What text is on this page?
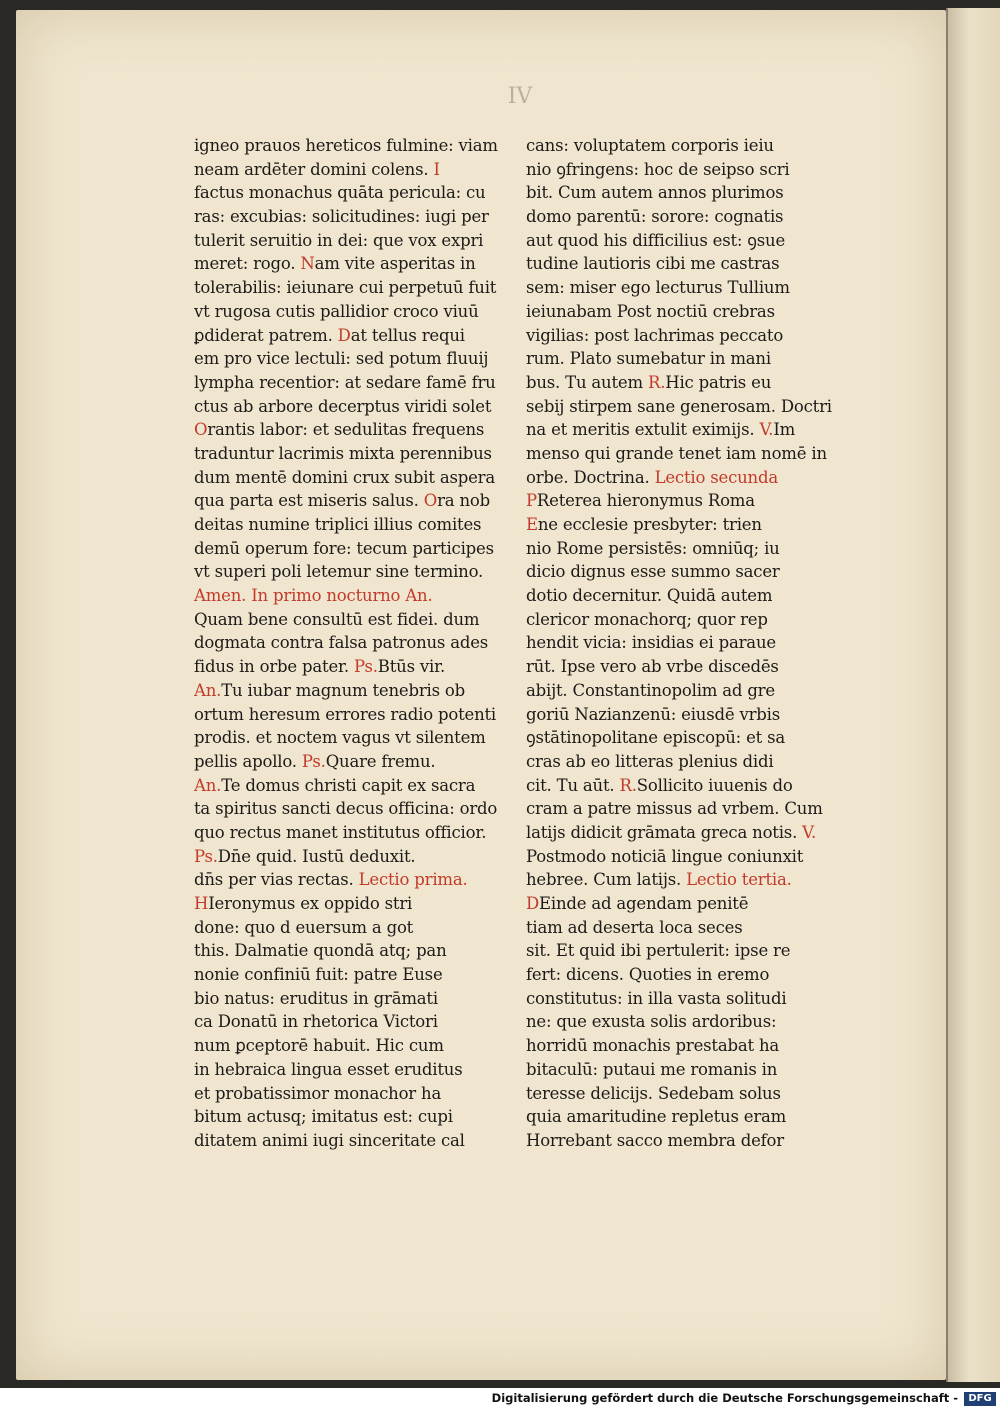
IV
igneo prauos hereticos fulmine: viam
neam ardēter domini colens. I
factus monachus quāta pericula: cu
ras: excubias: solicitudines: iugi per
tulerit seruitio in dei: que vox expri
meret: rogo. Nam vite asperitas in
tolerabilis: ieiunare cui perpetuū fuit
vt rugosa cutis pallidior croco viuū
ꝑdiderat patrem. Dat tellus requi
em pro vice lectuli: sed potum fluuij
lympha recentior: at sedare famē fru
ctus ab arbore decerptus viridi solet
Orantis labor: et sedulitas frequens
traduntur lacrimis mixta perennibus
dum mentē domini crux subit aspera
qua parta est miseris salus. Ora nob
deitas numine triplici illius comites
demū operum fore: tecum participes
vt superi poli letemur sine termino.
Amen. In primo nocturno An.
Quam bene consultū est fidei. dum
dogmata contra falsa patronus ades
fidus in orbe pater. Ps.Btūs vir.
An.Tu iubar magnum tenebris ob
ortum heresum errores radio potenti
prodis. et noctem vagus vt silentem
pellis apollo. Ps.Quare fremu.
An.Te domus christi capit ex sacra
ta spiritus sancti decus officina: ordo
quo rectus manet institutus officior.
Ps.Dn̄e quid. Iustū deduxit.
dn̄s per vias rectas. Lectio prima.
HIeronymus ex oppido stri
done: quo d euersum a got
this. Dalmatie quondā atq; pan
nonie confiniū fuit: patre Euse
bio natus: eruditus in grāmati
ca Donatū in rhetorica Victori
num ꝑceptorē habuit. Hic cum
in hebraica lingua esset eruditus
et probatissimor monachor ha
bitum actusq; imitatus est: cupi
ditatem animi iugi sinceritate cal
cans: voluptatem corporis ieiu
nio ꝯfringens: hoc de seipso scri
bit. Cum autem annos plurimos
domo parentū: sorore: cognatis
aut quod his difficilius est: ꝯsue
tudine lautioris cibi me castras
sem: miser ego lecturus Tullium
ieiunabam Post noctiū crebras
vigilias: post lachrimas peccato
rum. Plato sumebatur in mani
bus. Tu autem R.Hic patris eu
sebij stirpem sane generosam. Doctri
na et meritis extulit eximijs. V.Im
menso qui grande tenet iam nomē in
orbe. Doctrina. Lectio secunda
PReterea hieronymus Roma
Ene ecclesie presbyter: trien
nio Rome persistēs: omniūq; iu
dicio dignus esse summo sacer
dotio decernitur. Quidā autem
clericor monachorq; quor rep
hendit vicia: insidias ei paraue
rūt. Ipse vero ab vrbe discedēs
abijt. Constantinopolim ad gre
goriū Nazianzenū: eiusdē vrbis
ꝯstātinopolitane episcopū: et sa
cras ab eo litteras plenius didi
cit. Tu aūt. R.Sollicito iuuenis do
cram a patre missus ad vrbem. Cum
latijs didicit grāmata greca notis. V.
Postmodo noticiā lingue coniunxit
hebree. Cum latijs. Lectio tertia.
DEinde ad agendam penitē
tiam ad deserta loca seces
sit. Et quid ibi pertulerit: ipse re
fert: dicens. Quoties in eremo
constitutus: in illa vasta solitudi
ne: que exusta solis ardoribus:
horridū monachis prestabat ha
bitaculū: putaui me romanis in
teresse delicijs. Sedebam solus
quia amaritudine repletus eram
Horrebant sacco membra defor
Digitalisierung gefördert durch die Deutsche Forschungsgemeinschaft -	DFG
